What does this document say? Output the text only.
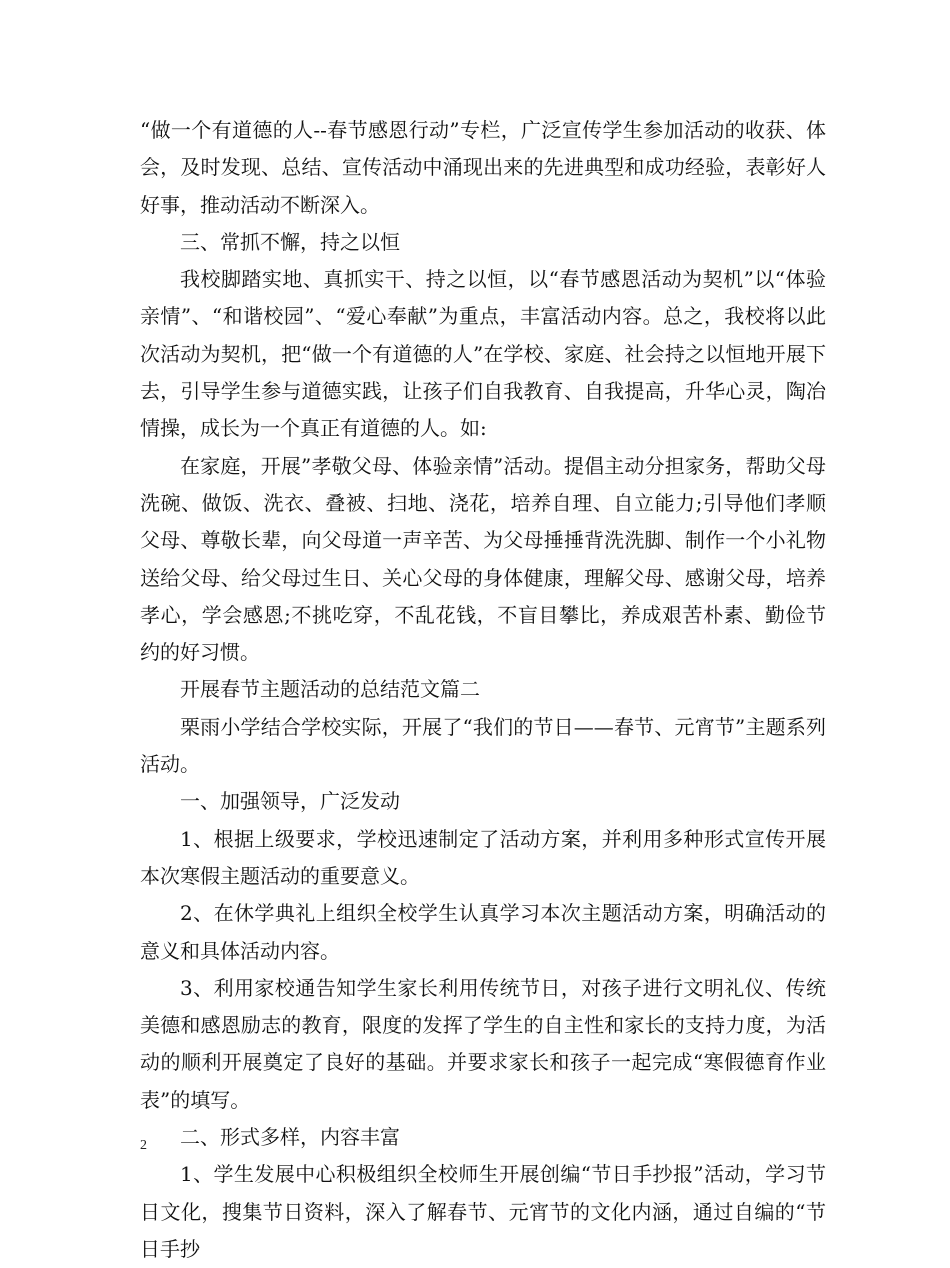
“做一个有道德的人--春节感恩行动”专栏，广泛宣传学生参加活动的收获、体会，及时发现、总结、宣传活动中涌现出来的先进典型和成功经验，表彰好人好事，推动活动不断深入。

三、常抓不懈，持之以恒

我校脚踏实地、真抓实干、持之以恒，以“春节感恩活动为契机”以“体验亲情”、“和谐校园”、“爱心奉献”为重点，丰富活动内容。总之，我校将以此次活动为契机，把“做一个有道德的人”在学校、家庭、社会持之以恒地开展下去，引导学生参与道德实践，让孩子们自我教育、自我提高，升华心灵，陶冶情操，成长为一个真正有道德的人。如:

在家庭，开展”孝敬父母、体验亲情”活动。提倡主动分担家务，帮助父母洗碗、做饭、洗衣、叠被、扫地、浇花，培养自理、自立能力;引导他们孝顺父母、尊敬长辈，向父母道一声辛苦、为父母捶捶背洗洗脚、制作一个小礼物送给父母、给父母过生日、关心父母的身体健康，理解父母、感谢父母，培养孝心，学会感恩;不挑吃穿，不乱花钱，不盲目攀比，养成艰苦朴素、勤俭节约的好习惯。

开展春节主题活动的总结范文篇二

栗雨小学结合学校实际，开展了“我们的节日——春节、元宵节”主题系列活动。

一、加强领导，广泛发动

1、根据上级要求，学校迅速制定了活动方案，并利用多种形式宣传开展本次寒假主题活动的重要意义。

2、在休学典礼上组织全校学生认真学习本次主题活动方案，明确活动的意义和具体活动内容。

3、利用家校通告知学生家长利用传统节日，对孩子进行文明礼仪、传统美德和感恩励志的教育，限度的发挥了学生的自主性和家长的支持力度，为活动的顺利开展奠定了良好的基础。并要求家长和孩子一起完成“寒假德育作业表”的填写。

二、形式多样，内容丰富

1、学生发展中心积极组织全校师生开展创编“节日手抄报”活动，学习节日文化，搜集节日资料，深入了解春节、元宵节的文化内涵，通过自编的“节日手抄

2
